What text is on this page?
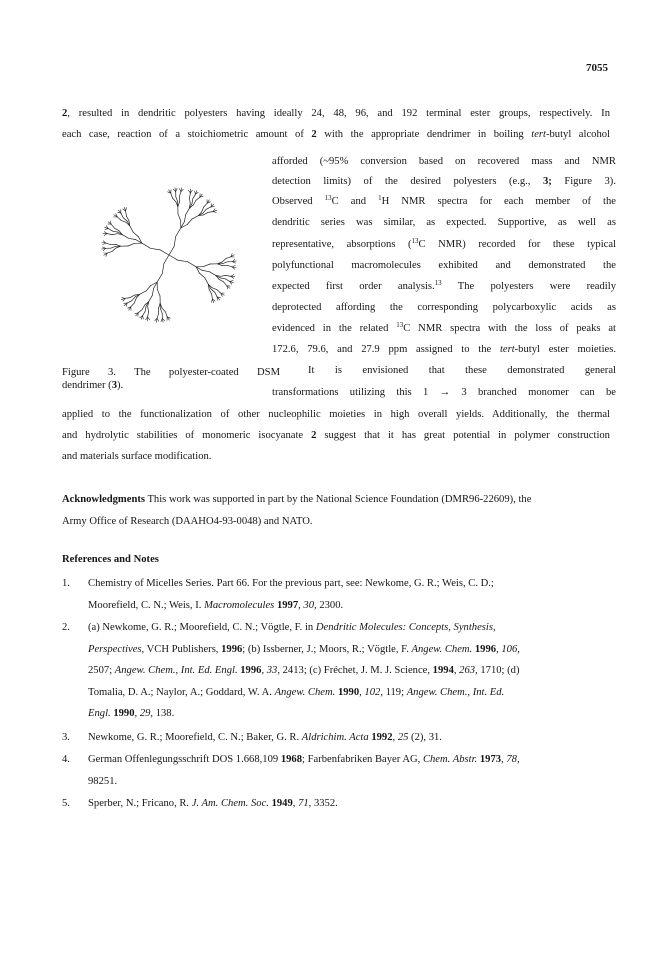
7055
2, resulted in dendritic polyesters having ideally 24, 48, 96, and 192 terminal ester groups, respectively. In
each case, reaction of a stoichiometric amount of 2 with the appropriate dendrimer in boiling tert-butyl alcohol
Figure 3. The polyester-coated DSM
dendrimer (3).
afforded (~95% conversion based on recovered mass and NMR
detection limits) of the desired polyesters (e.g., 3; Figure 3).
Observed $^{13}$C and $^1$H NMR spectra for each member of the
dendritic series was similar, as expected. Supportive, as well as
representative, absorptions ($^{13}$C NMR) recorded for these typical
polyfunctional macromolecules exhibited and demonstrated the
expected first order analysis.$^{13}$ The polyesters were readily
deprotected affording the corresponding polycarboxylic acids as
evidenced in the related $^{13}$C NMR spectra with the loss of peaks at
172.6, 79.6, and 27.9 ppm assigned to the tert-butyl ester moieties.
It is envisioned that these demonstrated general
transformations utilizing this 1 → 3 branched monomer can be
applied to the functionalization of other nucleophilic moieties in high overall yields. Additionally, the thermal
and hydrolytic stabilities of monomeric isocyanate 2 suggest that it has great potential in polymer construction
and materials surface modification.
Acknowledgments This work was supported in part by the National Science Foundation (DMR96-22609), the
Army Office of Research (DAAHO4-93-0048) and NATO.
References and Notes
1.	Chemistry of Micelles Series. Part 66. For the previous part, see: Newkome, G. R.; Weis, C. D.;
Moorefield, C. N.; Weis, I. Macromolecules 1997, 30, 2300.
2.	(a) Newkome, G. R.; Moorefield, C. N.; Vögtle, F. in Dendritic Molecules: Concepts, Synthesis,
Perspectives, VCH Publishers, 1996; (b) Issberner, J.; Moors, R.; Vögtle, F. Angew. Chem. 1996, 106,
2507; Angew. Chem., Int. Ed. Engl. 1996, 33, 2413; (c) Fréchet, J. M. J. Science, 1994, 263, 1710; (d)
Tomalia, D. A.; Naylor, A.; Goddard, W. A. Angew. Chem. 1990, 102, 119; Angew. Chem., Int. Ed.
Engl. 1990, 29, 138.
3.	Newkome, G. R.; Moorefield, C. N.; Baker, G. R. Aldrichim. Acta 1992, 25 (2), 31.
4.	German Offenlegungsschrift DOS 1.668,109 1968; Farbenfabriken Bayer AG, Chem. Abstr. 1973, 78,
98251.
5.	Sperber, N.; Fricano, R. J. Am. Chem. Soc. 1949, 71, 3352.
